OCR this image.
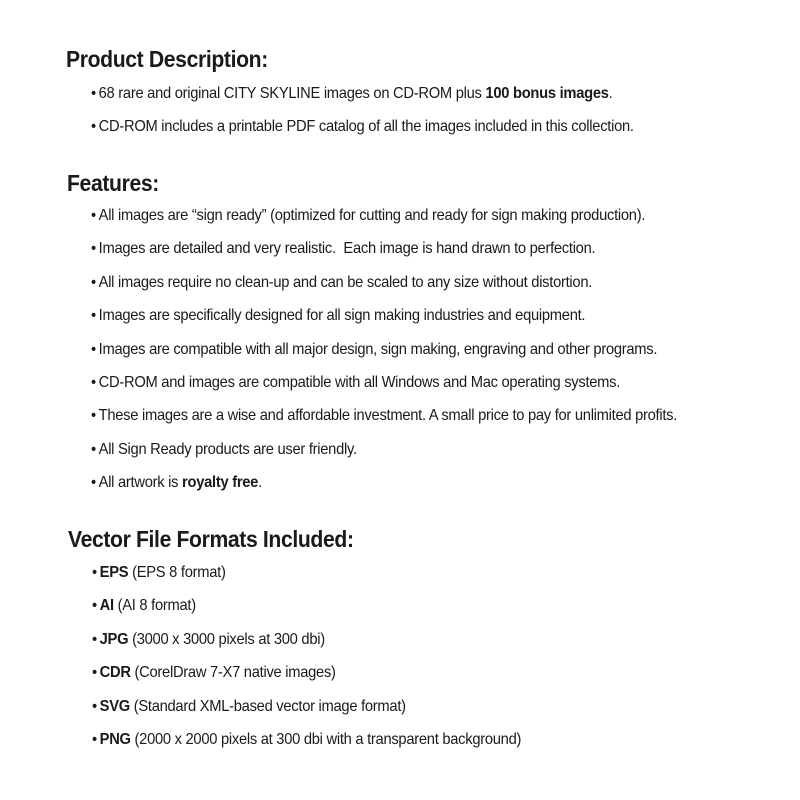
Product Description:
• 68 rare and original CITY SKYLINE images on CD-ROM plus 100 bonus images.
• CD-ROM includes a printable PDF catalog of all the images included in this collection.
Features:
• All images are “sign ready” (optimized for cutting and ready for sign making production).
• Images are detailed and very realistic.  Each image is hand drawn to perfection.
• All images require no clean-up and can be scaled to any size without distortion.
• Images are specifically designed for all sign making industries and equipment.
• Images are compatible with all major design, sign making, engraving and other programs.
• CD-ROM and images are compatible with all Windows and Mac operating systems.
• These images are a wise and affordable investment. A small price to pay for unlimited profits.
• All Sign Ready products are user friendly.
• All artwork is royalty free.
Vector File Formats Included:
• EPS (EPS 8 format)
• AI (AI 8 format)
• JPG (3000 x 3000 pixels at 300 dbi)
• CDR (CorelDraw 7-X7 native images)
• SVG (Standard XML-based vector image format)
• PNG (2000 x 2000 pixels at 300 dbi with a transparent background)
